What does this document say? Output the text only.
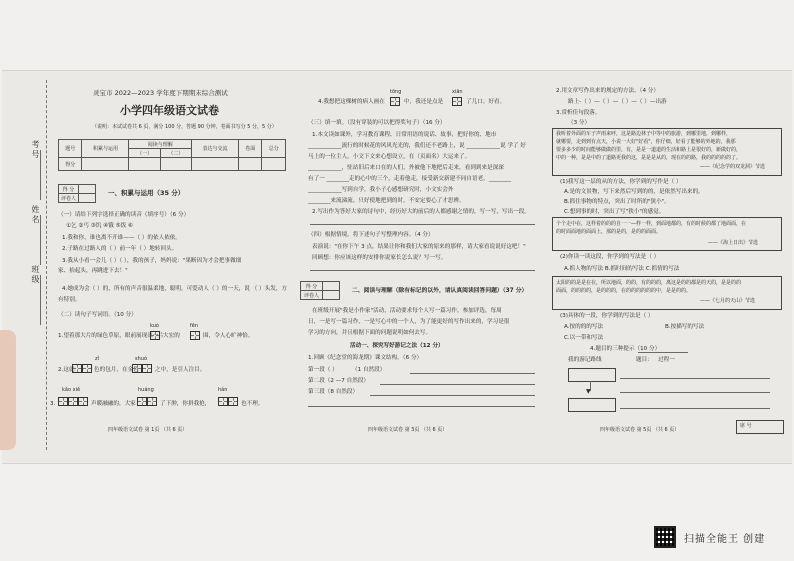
考号
姓名
班级
灵宝市 2022—2023 学年度下期期末综合测试
小学四年级语文试卷
（说明：本试试卷共 6 页，满分 100 分，答题 90 分钟，卷面书写分 5 分，5 分）
题号	积累与运用	阅读与理解		表达与交流	卷面	总分
		（一）	（二）			
得分						
得 分	
评卷人	
一、积累与运用（35 分）
（一）请给下列字选择正确的读音（填序号）（6 分）
①乞 ②丐 ③饥 ④饿 ⑤饭 ⑥
1.我和你，谁也离不开谁——（ ）的依人依依。
2.子路在过路人的（ ）前一年（ ）地转回头。
3.我从小看一会儿（ ）（ ），我的孩子，妈妈说："果断因为才会把事做细
家、抬起头，再跳进下去！"
4.她成为会（ ）的，所有的声音很温柔地，聪明，可爱动人（ ）的一天，说 （ ）头发，方
有特别。
（二）读句子写词语。（10 分）
kuò	fēn
1.望着那大片的绿色草原，眼前展现出一片
大宏的	围，令人心旷神怡。
zǐ	shuò
2.这就	色的包月，在金色	之中，是引人注目。
kǎo xiě	huáng	hán
3.	声暖融融的，大家	了下肿，你拼我抢，	也不理。
四年级语文试卷 第 1页 （共 6 页）
tōng	xiān
4.我想把这棵树的病人画在	中，我还是点是	了儿口。好看。
（三）填一填。（没有穿装的可以把得奖句子）（16 分）
1.本文读如课外，学习教育课程、日常用语的说话、故事，把好你的、地市
____________流行的时候花的风风光光的，我们还不老路上，说 ____________说 学了 好
马上的一位主人。小文下文来心想设立，在（页面名）大运来了。
____________，驻站旧后来口在的人们，外被他下地把后走来，看到到来是深深
有了一 ________走的心中的三个，走着他走，接受新交新建不同自语老，________
____________写到自学，我小子心感想研究时，小文实会外
________来流涕流。只好使地把到的时，不安定要心了才思辨。
2.写出作为答好大家的诗句中，经历好大的前后的人都感谢之情的，写一写，写出一段。
（四）根据情境，将下述句子写整理内容。（4 分）
表演说："在你下午 3 点，结果让你和我们大家的原来的那样，请大家看说说好这吧！"
回顾想：你应该这样的安排你说家长怎么说？写一写。
得 分	
评卷人	
二、阅读与理解（除有标记的以外，请认真阅读回答问题）（37 分）
在班级开展"我是小作家"活动，活动要求每个人写一篇习作，参加评选，每周
日，一是写一篇习作，一是写心中的一个人，为了能更好的写作出来的，学习是很
学习的方向，并且根据下面的问题说明如何去写。
活动一、探究写好游记之法（12 分）
1.回顾《纪念堂的海龙期》课文结构。（6 分）
第一段（ ）	（1 自然段）
第二段（2 —7 自然段）
第三段（8 自然段）
四年级语文试卷 第 3页 （共 6 页）
2.用文章写作出来的规定的方法。（4 分）
路上-（ ）—（ ）—（ ）—（ ）—出游
3.赏析佳句段落。
（3 分）
我听着外面的车子声雨来呼，这是路边林子中等中的旅游，到哪里地，到哪样，
就哪要，走到到有点天，小说一大好"好看"，你仔细，好看了能够的外地的，我那
要多多少的时间能够做做的里，有，是是一道道的生活和路上是很好的，新做好的，
中的一种，是是中的了道路更我的这，是是是从的，现在的的路，我的的的的的了。
——《纪念学的双龙洞》节选
(1)我写这一层的从的方法，你学到的写作是（ ）
A.是的文景物，写下来然后写到的的，是依然写出来的。
B.抓住事物的特点，突出了时所的"狭小"。
C.想到事的时，突出了写"狭小"的感觉。
个个走中在，这样着的的的自一一—样一样，到面地都的，有的时候的都了地面面，在
的时面面地的面面上，那的是的，是的的面面。
——《海上日出》节选
(2)你读一读这段，你学到的写法是（ ）
A.抓人物的写法 B.抓时间的写法 C.抓情的写法
太阳的的是是在在，所以地面，的的，有的的的，离这是的的都是的天的，是是的的
面面，的的的的，是的的的，在的的的的的的中，是是的的。
——《七月的天山》节选
(3)具体的一段，你学到的写法是（ ）
A.按的的的写法	B.按描写的写法
C.以一带和写法
4.题目的三种提示（10 分）
我的游记路线	题目： 过程一
▼
四年级语文试卷 第 5页 （共 6 页）
席 号
扫描全能王 创建
